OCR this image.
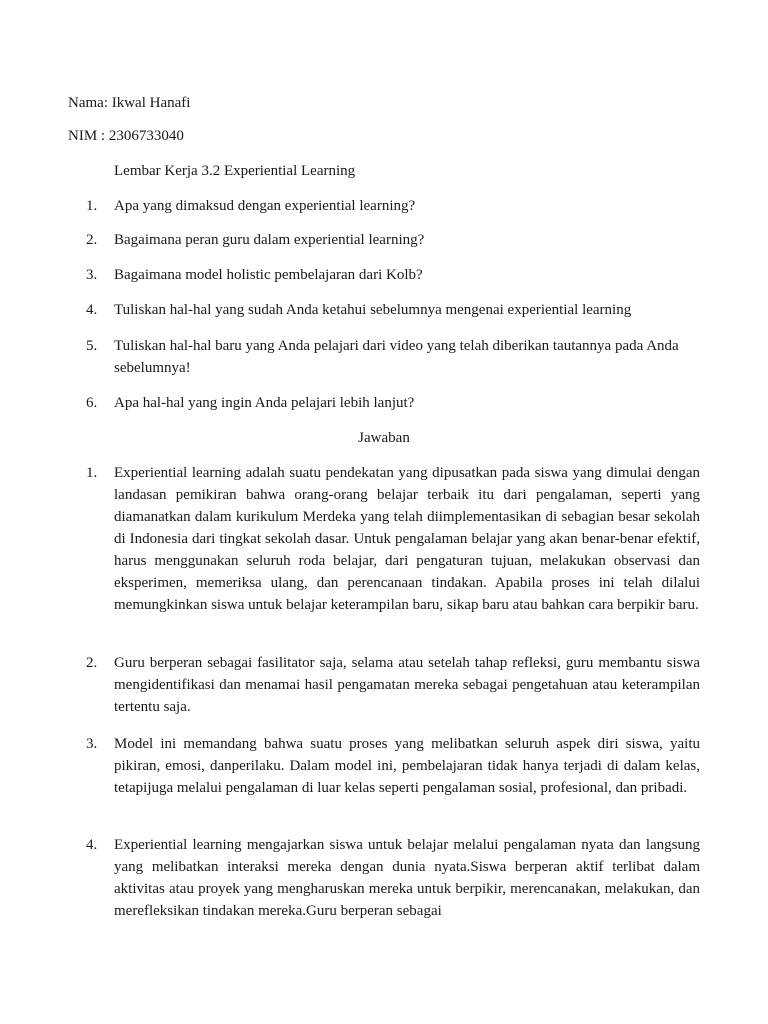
Nama: Ikwal Hanafi

NIM : 2306733040

Lembar Kerja 3.2 Experiential Learning

1.	Apa yang dimaksud dengan experiential learning?
2.	Bagaimana peran guru dalam experiential learning?
3.	Bagaimana model holistic pembelajaran dari Kolb?
4.	Tuliskan hal-hal yang sudah Anda ketahui sebelumnya mengenai experiential learning
5.	Tuliskan hal-hal baru yang Anda pelajari dari video yang telah diberikan tautannya pada Anda sebelumnya!
6.	Apa hal-hal yang ingin Anda pelajari lebih lanjut?

Jawaban

1.	Experiential learning adalah suatu pendekatan yang dipusatkan pada siswa yang dimulai dengan landasan pemikiran bahwa orang-orang belajar terbaik itu dari pengalaman, seperti yang diamanatkan dalam kurikulum Merdeka yang telah diimplementasikan di sebagian besar sekolah di Indonesia dari tingkat sekolah dasar. Untuk pengalaman belajar yang akan benar-benar efektif, harus menggunakan seluruh roda belajar, dari pengaturan tujuan, melakukan observasi dan eksperimen, memeriksa ulang, dan perencanaan tindakan. Apabila proses ini telah dilalui memungkinkan siswa untuk belajar keterampilan baru, sikap baru atau bahkan cara berpikir baru.
2.	Guru berperan sebagai fasilitator saja, selama atau setelah tahap refleksi, guru membantu siswa mengidentifikasi dan menamai hasil pengamatan mereka sebagai pengetahuan atau keterampilan tertentu saja.
3.	Model ini memandang bahwa suatu proses yang melibatkan seluruh aspek diri siswa, yaitu pikiran, emosi, danperilaku. Dalam model ini, pembelajaran tidak hanya terjadi di dalam kelas, tetapijuga melalui pengalaman di luar kelas seperti pengalaman sosial, profesional, dan pribadi.
4.	Experiential learning mengajarkan siswa untuk belajar melalui pengalaman nyata dan langsung yang melibatkan interaksi mereka dengan dunia nyata.Siswa berperan aktif terlibat dalam aktivitas atau proyek yang mengharuskan mereka untuk berpikir, merencanakan, melakukan, dan merefleksikan tindakan mereka.Guru berperan sebagai
